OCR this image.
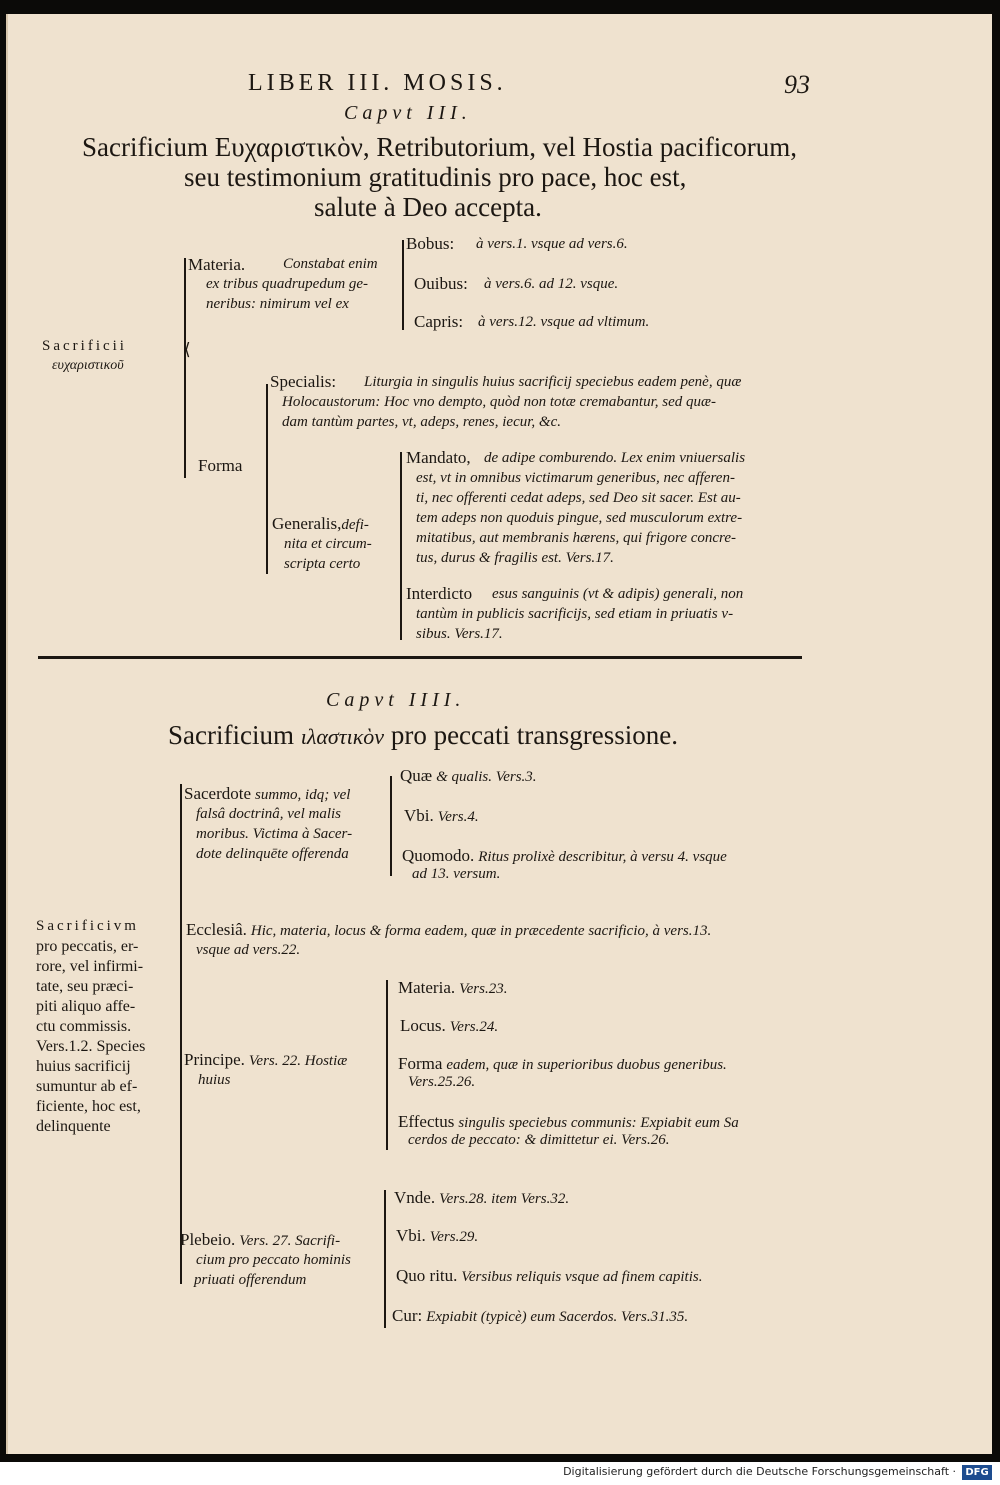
LIBER III. MOSIS.	93
Capvt III.
Sacrificium Ευχαριστικὸν, Retributorium, vel Hostia pacificorum,
seu testimonium gratitudinis pro pace, hoc est,
salute à Deo accepta.
Sacrificii
ευχαριστικοῦ
⟨
Materia.	Constabat enim
ex tribus quadrupedum ge-
neribus: nimirum vel ex
Bobus: à vers.1. vsque ad vers.6.
Ouibus: à vers.6. ad 12. vsque.
Capris: à vers.12. vsque ad vltimum.
Forma
Specialis: Liturgia in singulis huius sacrificij speciebus eadem penè, quæ
Holocaustorum: Hoc vno dempto, quòd non totæ cremabantur, sed quæ-
dam tantùm partes, vt, adeps, renes, iecur, &c.
Generalis,defi-
nita et circum-
scripta certo
Mandato, de adipe comburendo. Lex enim vniuersalis
est, vt in omnibus victimarum generibus, nec afferen-
ti, nec offerenti cedat adeps, sed Deo sit sacer. Est au-
tem adeps non quoduis pingue, sed musculorum extre-
mitatibus, aut membranis hærens, qui frigore concre-
tus, durus & fragilis est. Vers.17.
Interdicto esus sanguinis (vt & adipis) generali, non
tantùm in publicis sacrificijs, sed etiam in priuatis v-
sibus. Vers.17.
Capvt IIII.
Sacrificium ιλαστικὸν pro peccati transgressione.
Sacrificivm
pro peccatis, er-
rore, vel infirmi-
tate, seu præci-
piti aliquo affe-
ctu commissis.
Vers.1.2. Species
huius sacrificij
sumuntur ab ef-
ficiente, hoc est,
delinquente
Sacerdote summo, idq; vel
falsâ doctrinâ, vel malis
moribus. Victima à Sacer-
dote delinquēte offerenda
Quæ & qualis. Vers.3.
Vbi. Vers.4.
Quomodo. Ritus prolixè describitur, à versu 4. vsque
ad 13. versum.
Ecclesiâ. Hic, materia, locus & forma eadem, quæ in præcedente sacrificio, à vers.13.
vsque ad vers.22.
Principe. Vers. 22. Hostiæ
huius
Materia. Vers.23.
Locus. Vers.24.
Forma eadem, quæ in superioribus duobus generibus.
Vers.25.26.
Effectus singulis speciebus communis: Expiabit eum Sa
cerdos de peccato: & dimittetur ei. Vers.26.
Plebeio. Vers. 27. Sacrifi-
cium pro peccato hominis
priuati offerendum
Vnde. Vers.28. item Vers.32.
Vbi. Vers.29.
Quo ritu. Versibus reliquis vsque ad finem capitis.
Cur: Expiabit (typicè) eum Sacerdos. Vers.31.35.
Digitalisierung gefördert durch die Deutsche Forschungsgemeinschaft · DFG
